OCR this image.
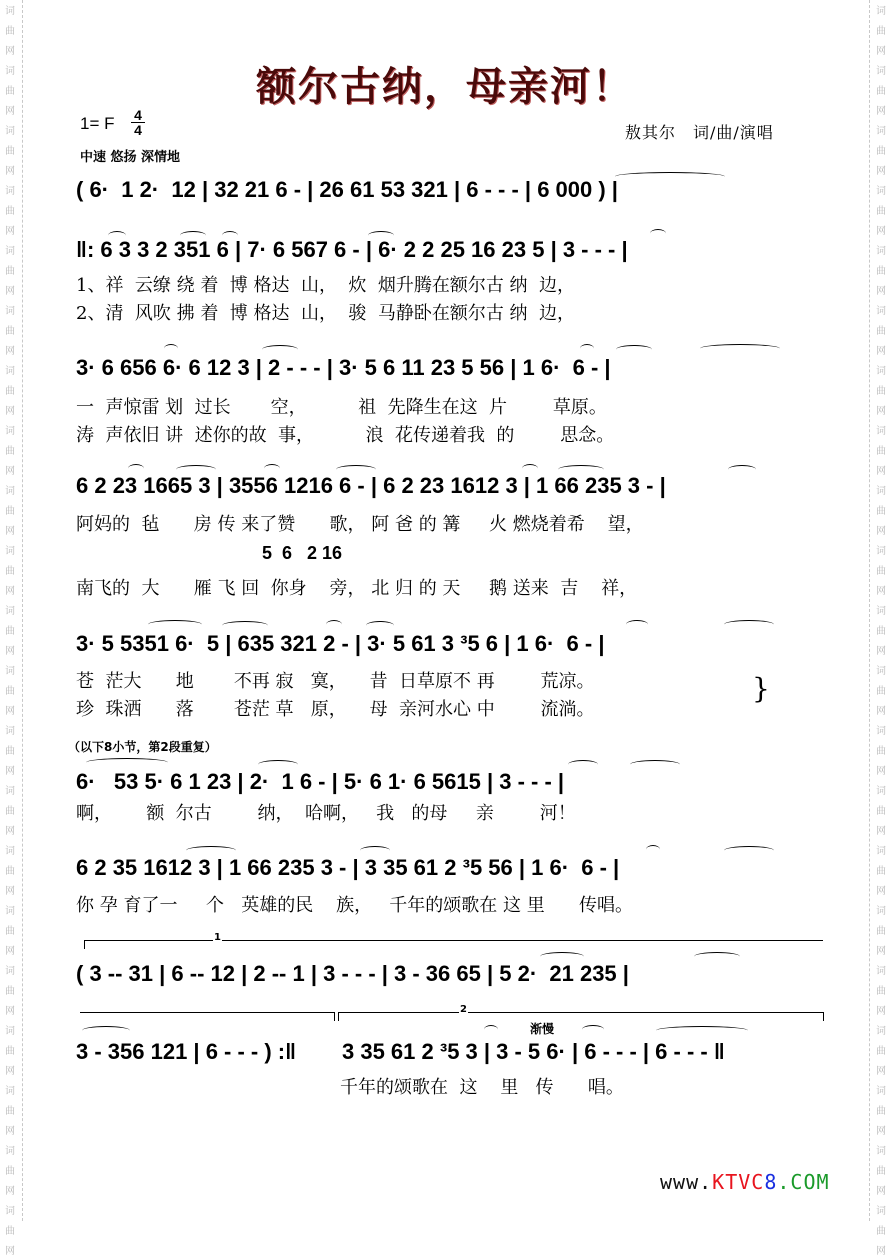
词
曲
网
词
曲
网
词
曲
网
词
曲
网
词
曲
网
词
曲
网
词
曲
网
词
曲
网
词
曲
网
词
曲
网
词
曲
网
词
曲
网
词
曲
网
词
曲
网
词
曲
网
词
曲
网
词
曲
网
词
曲
网
词
曲
网
词
曲
网
词
曲
网
词
曲
网
词
曲
网
词
曲
网
词
曲
网
词
曲
网
词
曲
网
词
曲
网
词
曲
网
词
曲
网
词
曲
网
词
曲
网
词
曲
网
词
曲
网
词
曲
网
词
曲
网
词
曲
网
词
曲
网
词
曲
网
词
曲
网
词
曲
网
词
曲
网
额尔古纳，母亲河！
1= F 4
4
中速 悠扬 深情地
敖其尔　词/曲/演唱
( 6·  1 2·  12 | 32 21 6 - | 26 61 53 321 | 6 - - - | 6 000 ) |
‖: 6 3 3 2 351 6 | 7· 6 567 6 - | 6· 2 2 25 16 23 5 | 3 - - - |
1、祥  云缭 绕 着  博 格达  山，  炊  烟升腾在额尔古 纳  边，
2、清  风吹 拂 着  博 格达  山，  骏  马静卧在额尔古 纳  边，
3· 6 656 6· 6 12 3 | 2 - - - | 3· 5 6 11 23 5 56 | 1 6·  6 - |
一  声惊雷 划  过长       空，         祖  先降生在这  片        草原。
涛  声依旧 讲  述你的故  事，         浪  花传递着我  的        思念。
6 2 23 1665 3 | 3556 1216 6 - | 6 2 23 1612 3 | 1 66 235 3 - |
阿妈的  毡      房 传 来了赞      歌， 阿 爸 的 篝     火 燃烧着希    望，
5  6   2 16
南飞的  大      雁 飞 回  你身    旁， 北 归 的 天     鹅 送来  吉    祥，
3· 5 5351 6·  5 | 635 321 2 - | 3· 5 61 3 ³5 6 | 1 6·  6 - |
苍  茫大      地       不再 寂   寞，    昔  日草原不 再        荒凉。
珍  珠洒      落       苍茫 草   原，    母  亲河水心 中        流淌。
}
（以下8小节，第2段重复）
6·   53 5· 6 1 23 | 2·  1 6 - | 5· 6 1· 6 5615 | 3 - - - |
啊，      额  尔古        纳，  哈啊，   我   的母     亲        河！
6 2 35 1612 3 | 1 66 235 3 - | 3 35 61 2 ³5 56 | 1 6·  6 - |
你 孕 育了一     个   英雄的民    族，   千年的颂歌在 这 里      传唱。
1
( 3 -- 31 | 6 -- 12 | 2 -- 1 | 3 - - - | 3 - 36 65 | 5 2·  21 235 |
2
渐慢
3 - 356 121 | 6 - - - ) :‖	3 35 61 2 ³5 3 | 3 - 5 6· | 6 - - - | 6 - - - ‖
千年的颂歌在  这    里   传      唱。
www.KTVC8.COM
